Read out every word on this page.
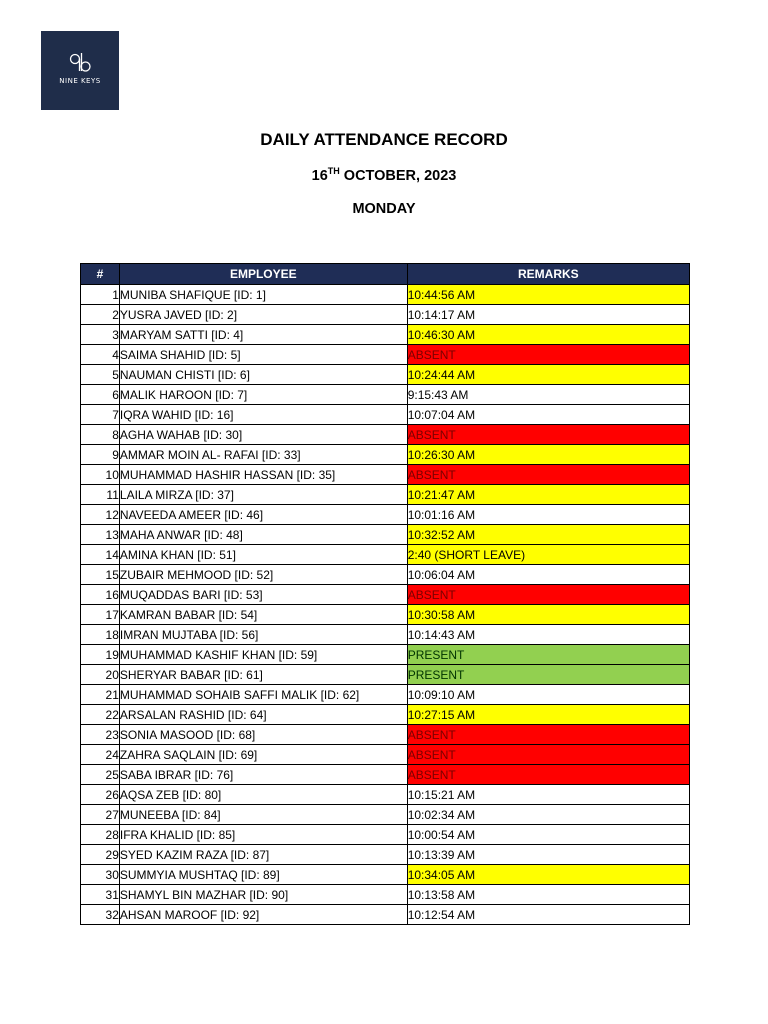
NINE KEYS
DAILY ATTENDANCE RECORD
16TH OCTOBER, 2023
MONDAY
#	EMPLOYEE	REMARKS
1	MUNIBA SHAFIQUE [ID: 1]	10:44:56 AM
2	YUSRA JAVED [ID: 2]	10:14:17 AM
3	MARYAM SATTI [ID: 4]	10:46:30 AM
4	SAIMA SHAHID [ID: 5]	ABSENT
5	NAUMAN CHISTI [ID: 6]	10:24:44 AM
6	MALIK HAROON [ID: 7]	9:15:43 AM
7	IQRA WAHID [ID: 16]	10:07:04 AM
8	AGHA WAHAB [ID: 30]	ABSENT
9	AMMAR MOIN AL- RAFAI [ID: 33]	10:26:30 AM
10	MUHAMMAD HASHIR HASSAN [ID: 35]	ABSENT
11	LAILA MIRZA [ID: 37]	10:21:47 AM
12	NAVEEDA AMEER [ID: 46]	10:01:16 AM
13	MAHA ANWAR [ID: 48]	10:32:52 AM
14	AMINA KHAN [ID: 51]	2:40 (SHORT LEAVE)
15	ZUBAIR MEHMOOD [ID: 52]	10:06:04 AM
16	MUQADDAS BARI [ID: 53]	ABSENT
17	KAMRAN BABAR [ID: 54]	10:30:58 AM
18	IMRAN MUJTABA [ID: 56]	10:14:43 AM
19	MUHAMMAD KASHIF KHAN [ID: 59]	PRESENT
20	SHERYAR BABAR [ID: 61]	PRESENT
21	MUHAMMAD SOHAIB SAFFI MALIK [ID: 62]	10:09:10 AM
22	ARSALAN RASHID [ID: 64]	10:27:15 AM
23	SONIA MASOOD [ID: 68]	ABSENT
24	ZAHRA SAQLAIN [ID: 69]	ABSENT
25	SABA IBRAR [ID: 76]	ABSENT
26	AQSA ZEB [ID: 80]	10:15:21 AM
27	MUNEEBA [ID: 84]	10:02:34 AM
28	IFRA KHALID [ID: 85]	10:00:54 AM
29	SYED KAZIM RAZA [ID: 87]	10:13:39 AM
30	SUMMYIA MUSHTAQ [ID: 89]	10:34:05 AM
31	SHAMYL BIN MAZHAR [ID: 90]	10:13:58 AM
32	AHSAN MAROOF [ID: 92]	10:12:54 AM
